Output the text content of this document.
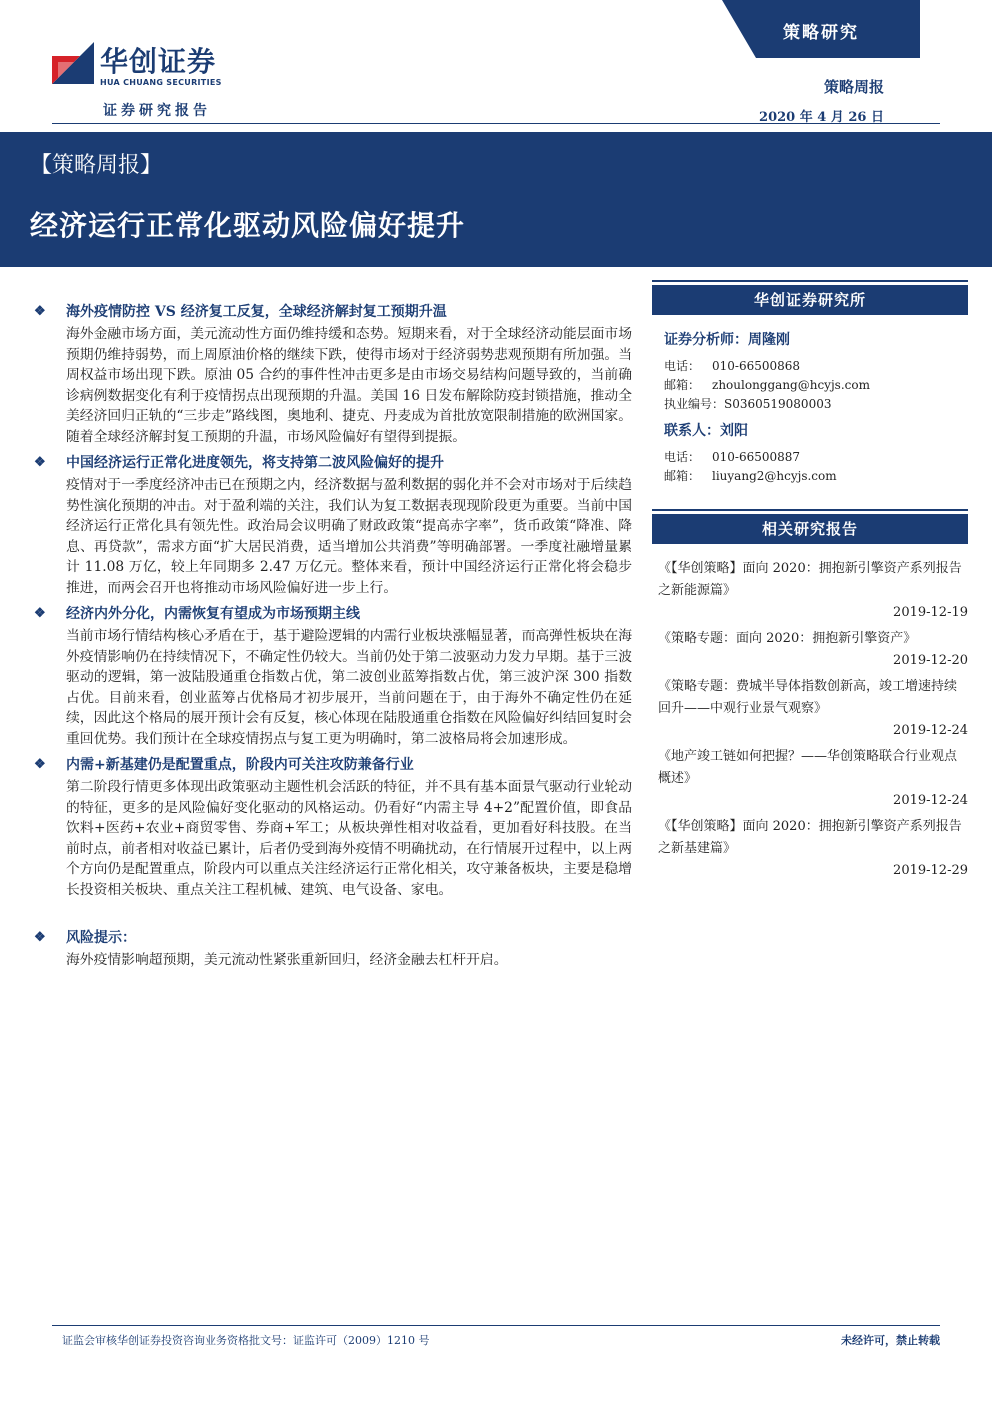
华创证券
HUA CHUANG SECURITIES
证券研究报告
策略研究
策略周报
2020 年 4 月 26 日
【策略周报】
经济运行正常化驱动风险偏好提升
❖ 海外疫情防控 VS 经济复工反复，全球经济解封复工预期升温
海外金融市场方面，美元流动性方面仍维持缓和态势。短期来看，对于全球经济动能层面市场预期仍维持弱势，而上周原油价格的继续下跌，使得市场对于经济弱势悲观预期有所加强。当周权益市场出现下跌。原油 05 合约的事件性冲击更多是由市场交易结构问题导致的，当前确诊病例数据变化有利于疫情拐点出现预期的升温。美国 16 日发布解除防疫封锁措施，推动全美经济回归正轨的“三步走”路线图，奥地利、捷克、丹麦成为首批放宽限制措施的欧洲国家。随着全球经济解封复工预期的升温，市场风险偏好有望得到提振。
❖ 中国经济运行正常化进度领先，将支持第二波风险偏好的提升
疫情对于一季度经济冲击已在预期之内，经济数据与盈利数据的弱化并不会对市场对于后续趋势性演化预期的冲击。对于盈利端的关注，我们认为复工数据表现现阶段更为重要。当前中国经济运行正常化具有领先性。政治局会议明确了财政政策“提高赤字率”，货币政策“降准、降息、再贷款”，需求方面“扩大居民消费，适当增加公共消费”等明确部署。一季度社融增量累计 11.08 万亿，较上年同期多 2.47 万亿元。整体来看，预计中国经济运行正常化将会稳步推进，而两会召开也将推动市场风险偏好进一步上行。
❖ 经济内外分化，内需恢复有望成为市场预期主线
当前市场行情结构核心矛盾在于，基于避险逻辑的内需行业板块涨幅显著，而高弹性板块在海外疫情影响仍在持续情况下，不确定性仍较大。当前仍处于第二波驱动力发力早期。基于三波驱动的逻辑，第一波陆股通重仓指数占优，第二波创业蓝筹指数占优，第三波沪深 300 指数占优。目前来看，创业蓝筹占优格局才初步展开，当前问题在于，由于海外不确定性仍在延续，因此这个格局的展开预计会有反复，核心体现在陆股通重仓指数在风险偏好纠结回复时会重回优势。我们预计在全球疫情拐点与复工更为明确时，第二波格局将会加速形成。
❖ 内需+新基建仍是配置重点，阶段内可关注攻防兼备行业
第二阶段行情更多体现出政策驱动主题性机会活跃的特征，并不具有基本面景气驱动行业轮动的特征，更多的是风险偏好变化驱动的风格运动。仍看好“内需主导 4+2”配置价值，即食品饮料+医药+农业+商贸零售、券商+军工；从板块弹性相对收益看，更加看好科技股。在当前时点，前者相对收益已累计，后者仍受到海外疫情不明确扰动，在行情展开过程中，以上两个方向仍是配置重点，阶段内可以重点关注经济运行正常化相关，攻守兼备板块，主要是稳增长投资相关板块、重点关注工程机械、建筑、电气设备、家电。
❖ 风险提示：
海外疫情影响超预期，美元流动性紧张重新回归，经济金融去杠杆开启。
华创证券研究所
证券分析师：周隆刚
电话： 010-66500868
邮箱： zhoulonggang@hcyjs.com
执业编号： S0360519080003
联系人：刘阳
电话： 010-66500887
邮箱： liuyang2@hcyjs.com
相关研究报告
《【华创策略】面向 2020：拥抱新引擎资产系列报告之新能源篇》
2019-12-19
《策略专题：面向 2020：拥抱新引擎资产》
2019-12-20
《策略专题：费城半导体指数创新高，竣工增速持续回升——中观行业景气观察》
2019-12-24
《地产竣工链如何把握？——华创策略联合行业观点概述》
2019-12-24
《【华创策略】面向 2020：拥抱新引擎资产系列报告之新基建篇》
2019-12-29
证监会审核华创证券投资咨询业务资格批文号：证监许可（2009）1210 号	未经许可，禁止转载
